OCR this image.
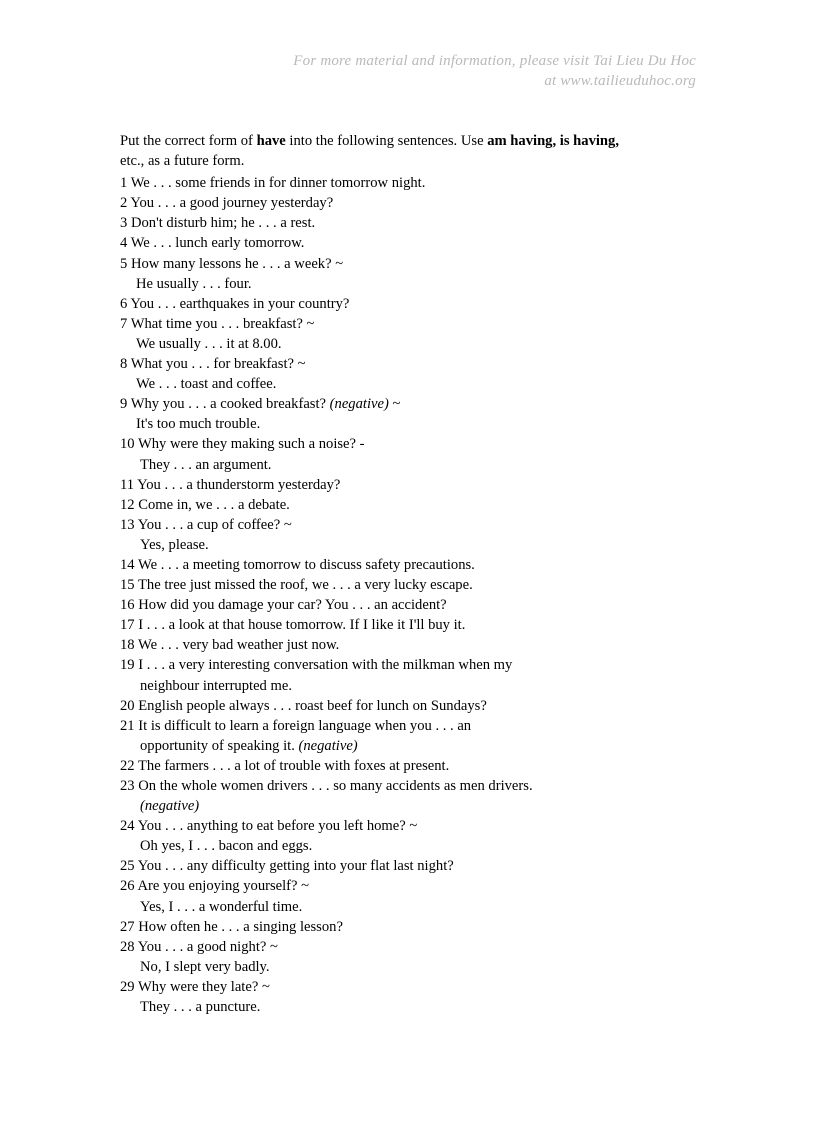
For more material and information, please visit Tai Lieu Du Hoc
at www.tailieuduhoc.org
Put the correct form of have into the following sentences. Use am having, is having,
etc., as a future form.
1 We . . . some friends in for dinner tomorrow night.
2 You . . . a good journey yesterday?
3 Don't disturb him; he . . . a rest.
4 We . . . lunch early tomorrow.
5 How many lessons he . . . a week? ~
He usually . . . four.
6 You . . . earthquakes in your country?
7 What time you . . . breakfast? ~
We usually . . . it at 8.00.
8 What you . . . for breakfast? ~
We . . . toast and coffee.
9 Why you . . . a cooked breakfast? (negative) ~
It's too much trouble.
10 Why were they making such a noise? -
They . . . an argument.
11 You . . . a thunderstorm yesterday?
12 Come in, we . . . a debate.
13 You . . . a cup of coffee? ~
Yes, please.
14 We . . . a meeting tomorrow to discuss safety precautions.
15 The tree just missed the roof, we . . . a very lucky escape.
16 How did you damage your car? You . . . an accident?
17 I . . . a look at that house tomorrow. If I like it I'll buy it.
18 We . . . very bad weather just now.
19 I . . . a very interesting conversation with the milkman when my
neighbour interrupted me.
20 English people always . . . roast beef for lunch on Sundays?
21 It is difficult to learn a foreign language when you . . . an
opportunity of speaking it. (negative)
22 The farmers . . . a lot of trouble with foxes at present.
23 On the whole women drivers . . . so many accidents as men drivers.
(negative)
24 You . . . anything to eat before you left home? ~
Oh yes, I . . . bacon and eggs.
25 You . . . any difficulty getting into your flat last night?
26 Are you enjoying yourself? ~
Yes, I . . . a wonderful time.
27 How often he . . . a singing lesson?
28 You . . . a good night? ~
No, I slept very badly.
29 Why were they late? ~
They . . . a puncture.
